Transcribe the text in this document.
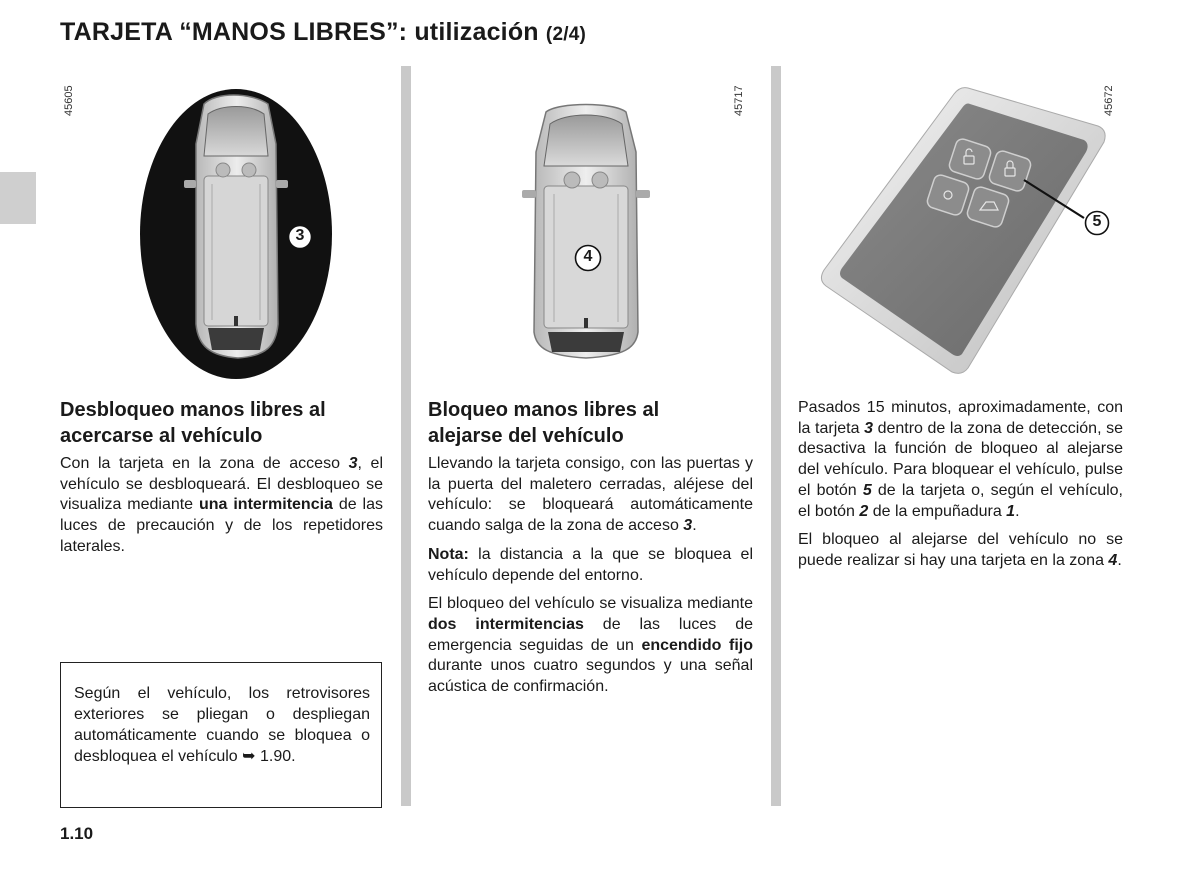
TARJETA “MANOS LIBRES”: utilización (2/4)
45605
3
45717
4
45672
5
Desbloqueo manos libres al
acercarse al vehículo

Con la tarjeta en la zona de acceso 3, el vehículo se desbloqueará. El desbloqueo se visualiza mediante una intermitencia de las luces de precaución y de los repetidores laterales.

Según el vehículo, los retrovisores exteriores se pliegan o despliegan automáticamente cuando se bloquea o desbloquea el vehículo ➥ 1.90.
Bloqueo manos libres al
alejarse del vehículo

Llevando la tarjeta consigo, con las puertas y la puerta del maletero cerradas, aléjese del vehículo: se bloqueará automáticamente cuando salga de la zona de acceso 3.

Nota: la distancia a la que se bloquea el vehículo depende del entorno.

El bloqueo del vehículo se visualiza mediante dos intermitencias de las luces de emergencia seguidas de un encendido fijo durante unos cuatro segundos y una señal acústica de confirmación.

Pasados 15 minutos, aproximadamente, con la tarjeta 3 dentro de la zona de detección, se desactiva la función de bloqueo al alejarse del vehículo. Para bloquear el vehículo, pulse el botón 5 de la tarjeta o, según el vehículo, el botón 2 de la empuñadura 1.

El bloqueo al alejarse del vehículo no se puede realizar si hay una tarjeta en la zona 4.

1.10
